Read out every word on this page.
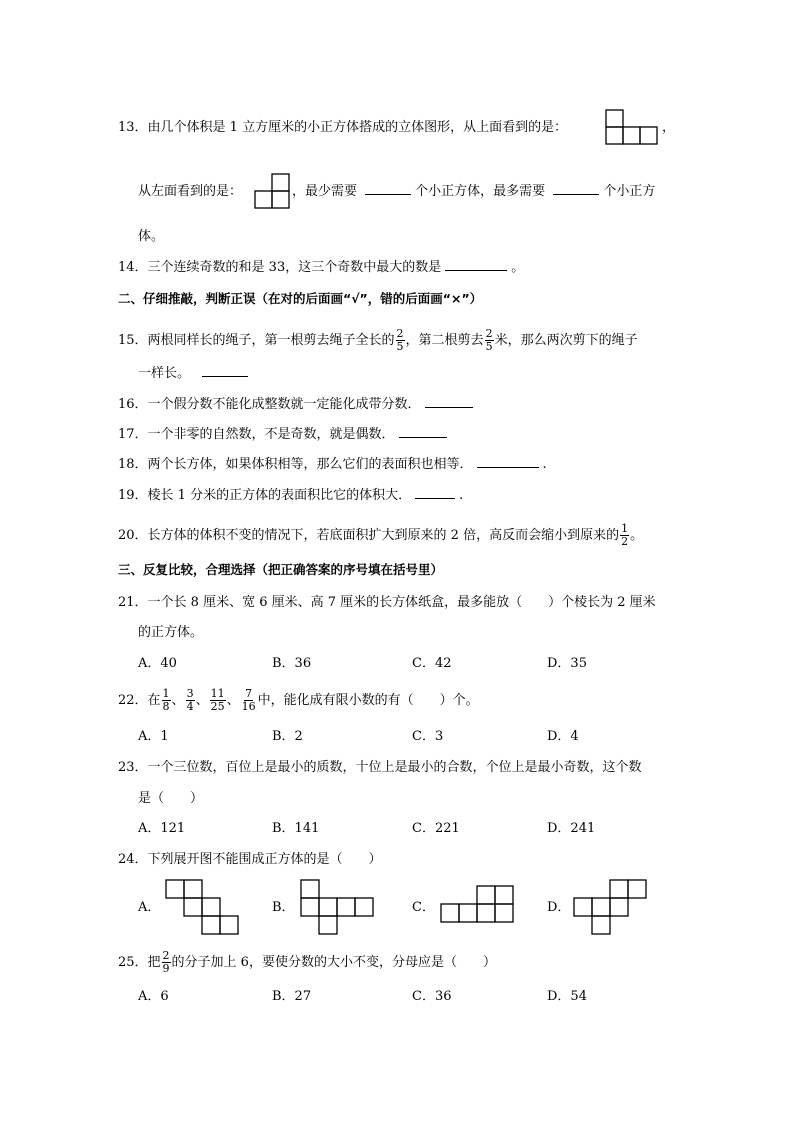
13．由几个体积是 1 立方厘米的小正方体搭成的立体图形，从上面看到的是：	，
从左面看到的是：	，最少需要	个小正方体，最多需要	个小正方
体。
14．三个连续奇数的和是 33，这三个奇数中最大的数是	。
二、仔细推敲，判断正误（在对的后面画“√”，错的后面画“×”）
15．两根同样长的绳子，第一根剪去绳子全长的 $\frac{2}{5}$ ，第二根剪去 $\frac{2}{5}$ 米，那么两次剪下的绳子
一样长。
16．一个假分数不能化成整数就一定能化成带分数．
17．一个非零的自然数，不是奇数，就是偶数．
18．两个长方体，如果体积相等，那么它们的表面积也相等．	.
19．棱长 1 分米的正方体的表面积比它的体积大．	.
20．长方体的体积不变的情况下，若底面积扩大到原来的 2 倍，高反而会缩小到原来的 $\frac{1}{2}$ 。
三、反复比较，合理选择（把正确答案的序号填在括号里）
21．一个长 8 厘米、宽 6 厘米、高 7 厘米的长方体纸盒，最多能放（　　）个棱长为 2 厘米
的正方体。
A．40	B．36	C．42	D．35
22．在 $\frac{1}{8}$ 、 $\frac{3}{4}$ 、 $\frac{11}{25}$ 、 $\frac{7}{16}$ 中，能化成有限小数的有（　　）个。
A．1	B．2	C．3	D．4
23．一个三位数，百位上是最小的质数，十位上是最小的合数，个位上是最小奇数，这个数
是（　　）
A．121	B．141	C．221	D．241
24．下列展开图不能围成正方体的是（　　）
A．	B．	C．	D．
25．把 $\frac{2}{9}$ 的分子加上 6，要使分数的大小不变，分母应是（　　）
A．6	B．27	C．36	D．54
